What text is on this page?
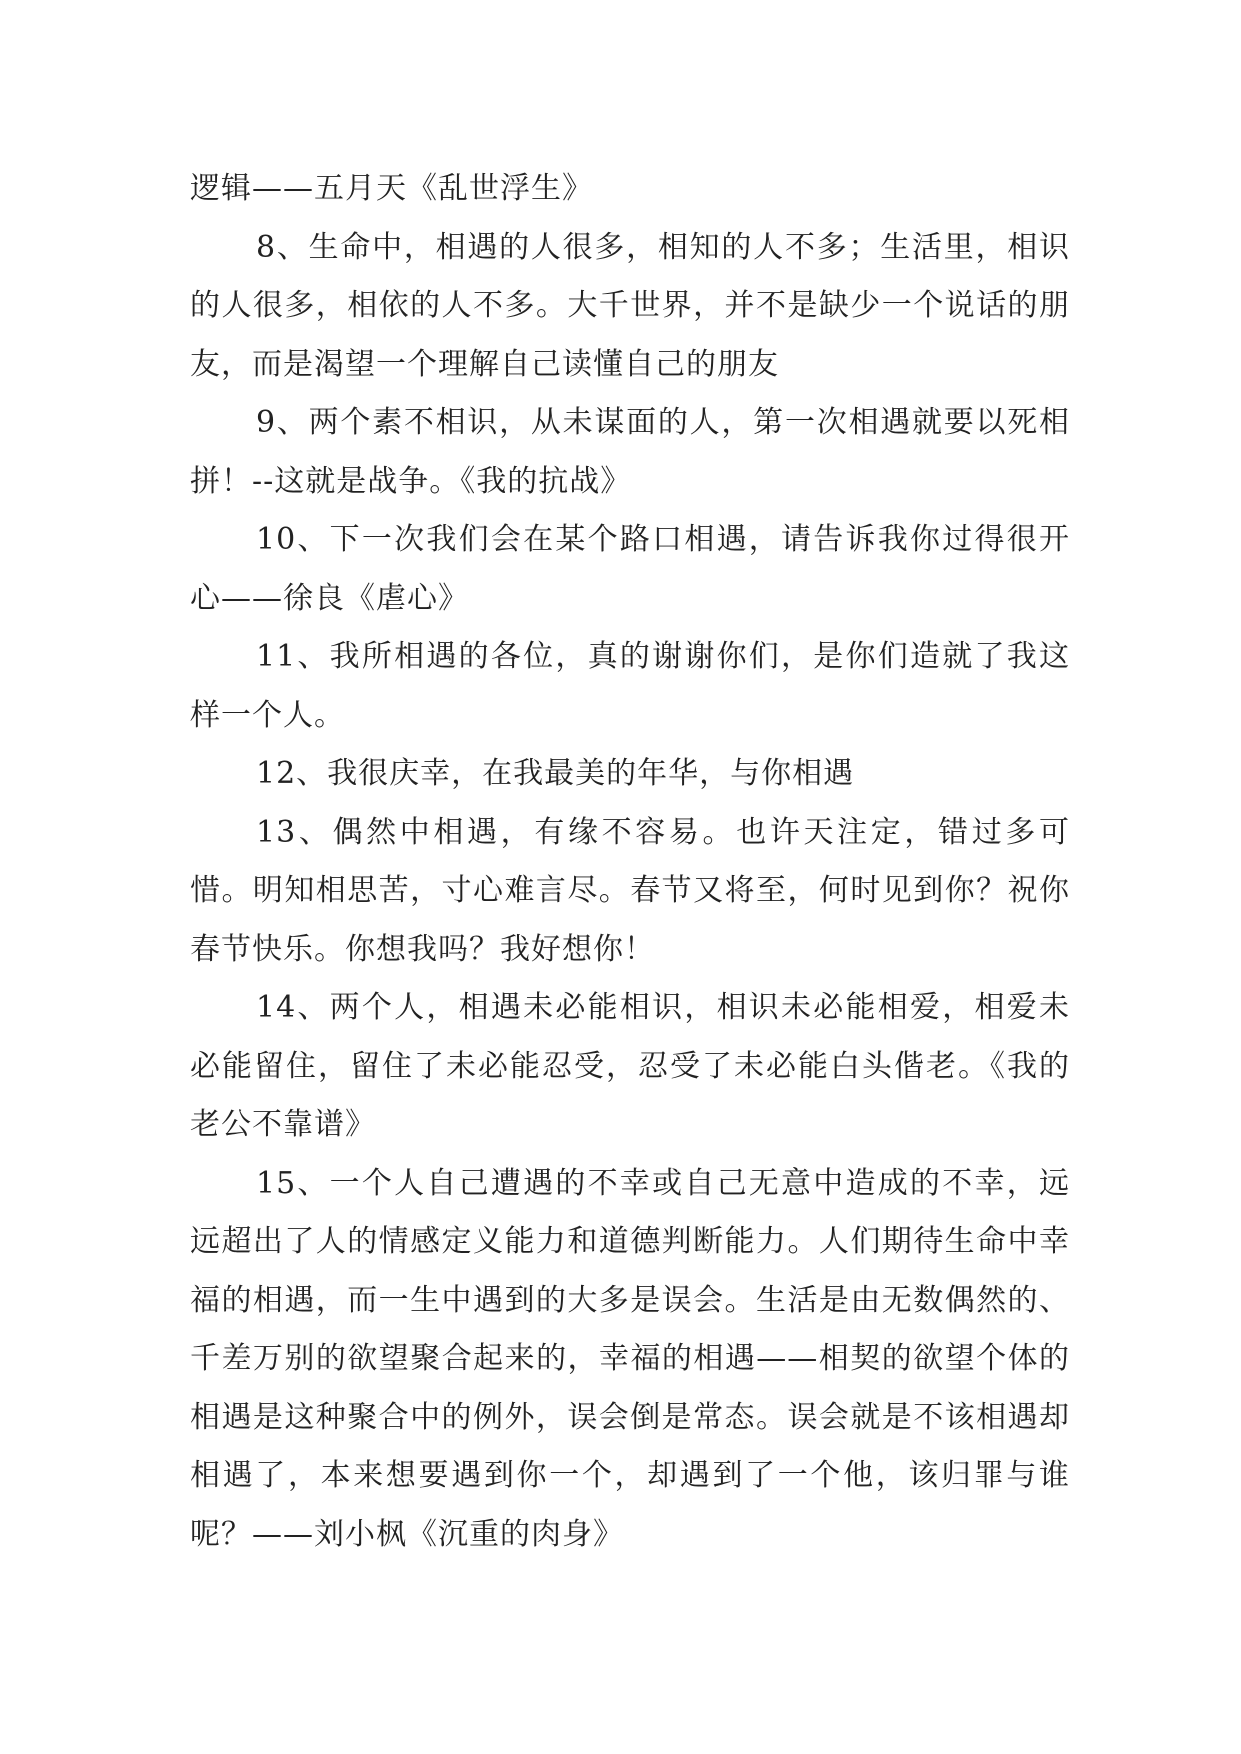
逻辑——五月天《乱世浮生》

8、生命中，相遇的人很多，相知的人不多；生活里，相识的人很多，相依的人不多。大千世界，并不是缺少一个说话的朋友，而是渴望一个理解自己读懂自己的朋友

9、两个素不相识，从未谋面的人，第一次相遇就要以死相拼！--这就是战争。《我的抗战》

10、下一次我们会在某个路口相遇，请告诉我你过得很开心——徐良《虐心》

11、我所相遇的各位，真的谢谢你们，是你们造就了我这样一个人。

12、我很庆幸，在我最美的年华，与你相遇

13、偶然中相遇，有缘不容易。也许天注定，错过多可惜。明知相思苦，寸心难言尽。春节又将至，何时见到你？祝你春节快乐。你想我吗？我好想你！

14、两个人，相遇未必能相识，相识未必能相爱，相爱未必能留住，留住了未必能忍受，忍受了未必能白头偕老。《我的老公不靠谱》

15、一个人自己遭遇的不幸或自己无意中造成的不幸，远远超出了人的情感定义能力和道德判断能力。人们期待生命中幸福的相遇，而一生中遇到的大多是误会。生活是由无数偶然的、千差万别的欲望聚合起来的，幸福的相遇——相契的欲望个体的相遇是这种聚合中的例外，误会倒是常态。误会就是不该相遇却相遇了，本来想要遇到你一个，却遇到了一个他，该归罪与谁呢？——刘小枫《沉重的肉身》
